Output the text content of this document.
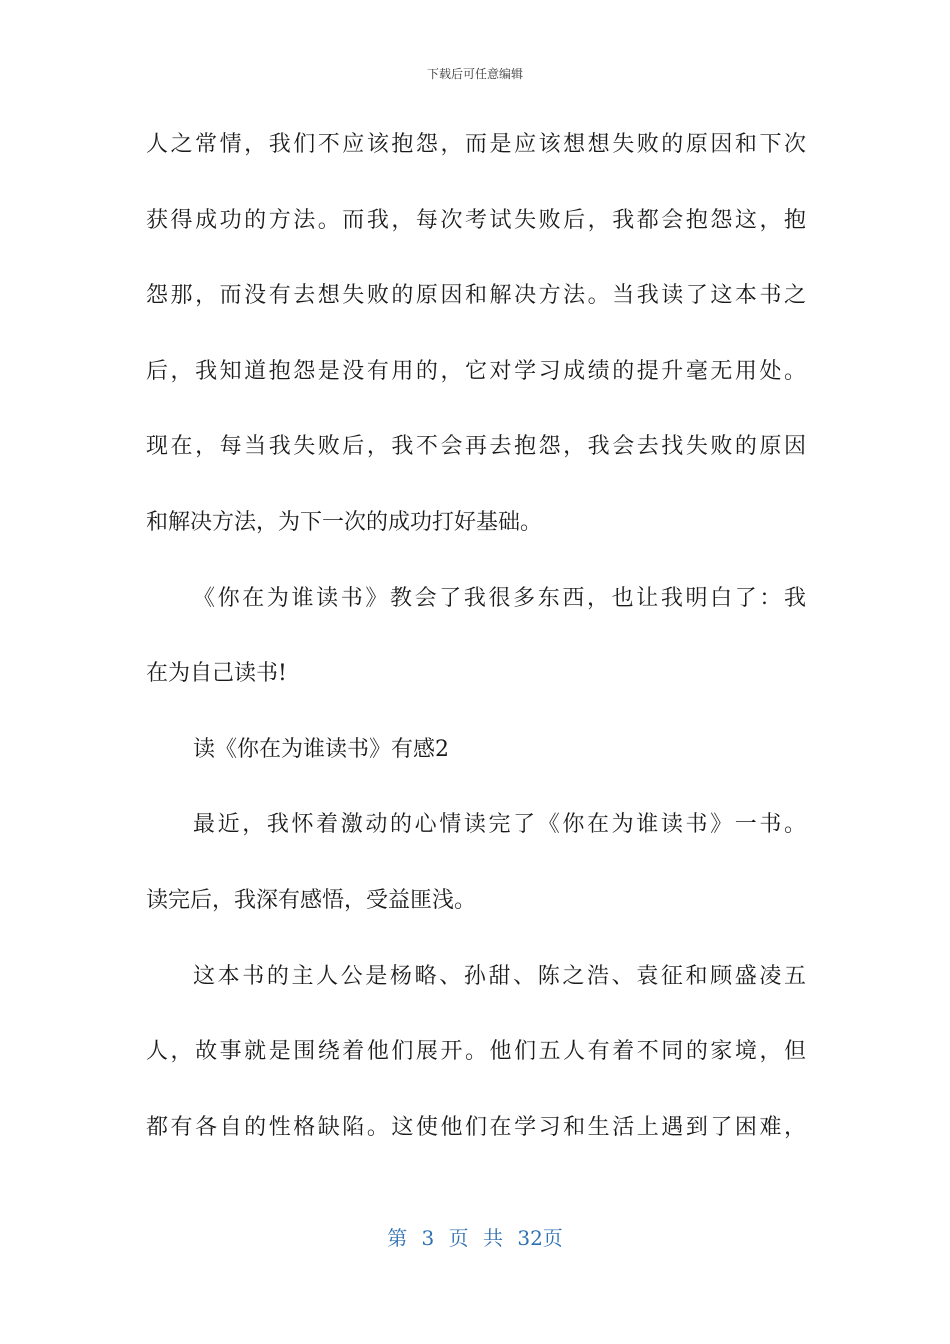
下载后可任意编辑
人之常情，我们不应该抱怨，而是应该想想失败的原因和下次
获得成功的方法。而我，每次考试失败后，我都会抱怨这，抱
怨那，而没有去想失败的原因和解决方法。当我读了这本书之
后，我知道抱怨是没有用的，它对学习成绩的提升毫无用处。
现在，每当我失败后，我不会再去抱怨，我会去找失败的原因
和解决方法，为下一次的成功打好基础。
《你在为谁读书》教会了我很多东西，也让我明白了：我
在为自己读书!
读《你在为谁读书》有感2
最近，我怀着激动的心情读完了《你在为谁读书》一书。
读完后，我深有感悟，受益匪浅。
这本书的主人公是杨略、孙甜、陈之浩、袁征和顾盛凌五
人，故事就是围绕着他们展开。他们五人有着不同的家境，但
都有各自的性格缺陷。这使他们在学习和生活上遇到了困难，
第 3 页 共 32页
